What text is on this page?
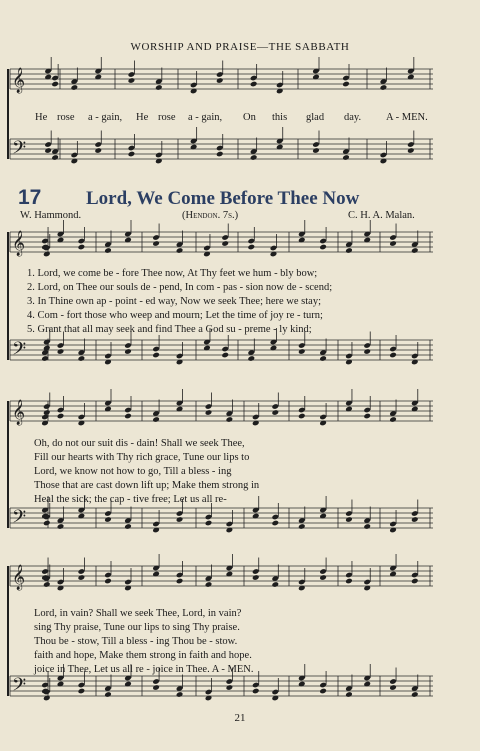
𝄞
𝄢
𝄞
𝄢
𝄞
𝄢
𝄞
𝄢
WORSHIP AND PRAISE—THE SABBATH
He rose a - gain, He rose a - gain, On this glad day. A - MEN.
17 Lord, We Come Before Thee Now
W. Hammond.	(Hendon. 7s.)	C. H. A. Malan.
1. Lord, we come be - fore Thee now, At Thy feet we hum - bly bow;
2. Lord, on Thee our souls de - pend, In com - pas - sion now de - scend;
3. In Thine own ap - point - ed way, Now we seek Thee; here we stay;
4. Com - fort those who weep and mourn; Let the time of joy re - turn;
5. Grant that all may seek and find Thee a God su - preme - ly kind;
Oh, do not our suit dis - dain! Shall we seek Thee,
Fill our hearts with Thy rich grace, Tune our lips to
Lord, we know not how to go, Till a bless - ing
Those that are cast down lift up; Make them strong in
Heal the sick; the cap - tive free; Let us all re-
Lord, in vain? Shall we seek Thee, Lord, in vain?
sing Thy praise, Tune our lips to sing Thy praise.
Thou be - stow, Till a bless - ing Thou be - stow.
faith and hope, Make them strong in faith and hope.
joice in Thee, Let us all re - joice in Thee. A - MEN.
21
